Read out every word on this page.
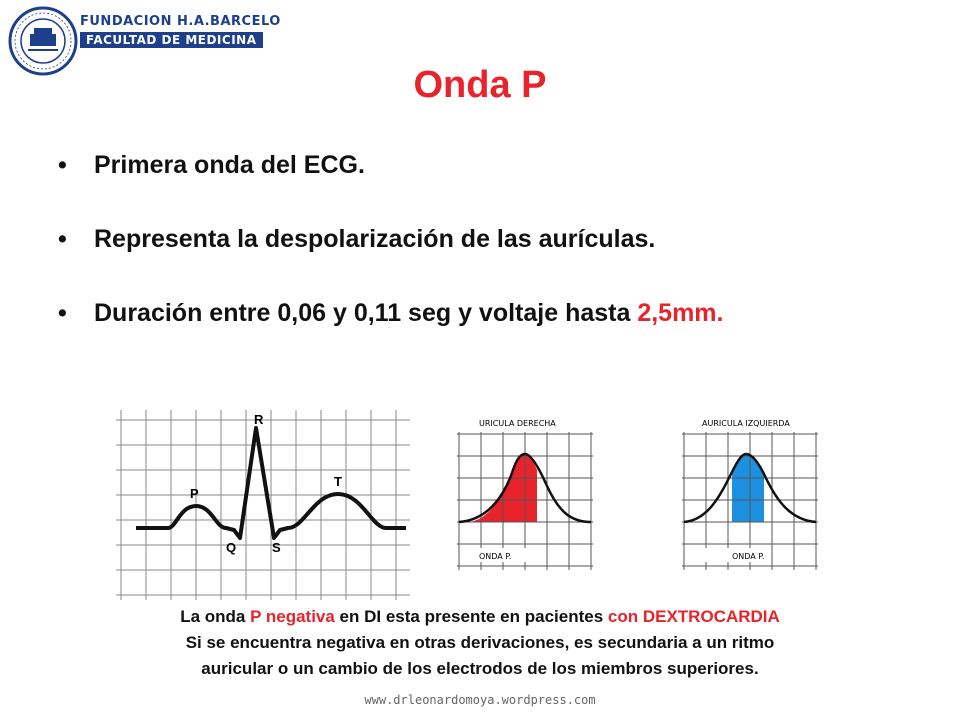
FUNDACION H.A.BARCELO
FACULTAD DE MEDICINA
Onda P
• Primera onda del ECG.
• Representa la despolarización de las aurículas.
• Duración entre 0,06 y 0,11 seg y voltaje hasta 2,5mm.
P
R
Q	S
T
URICULA DERECHA
ONDA P.
AURICULA IZQUIERDA
ONDA P.
La onda P negativa en DI esta presente en pacientes con DEXTROCARDIA
Si se encuentra negativa en otras derivaciones, es secundaria a un ritmo
auricular o un cambio de los electrodos de los miembros superiores.
www.drleonardomoya.wordpress.com
